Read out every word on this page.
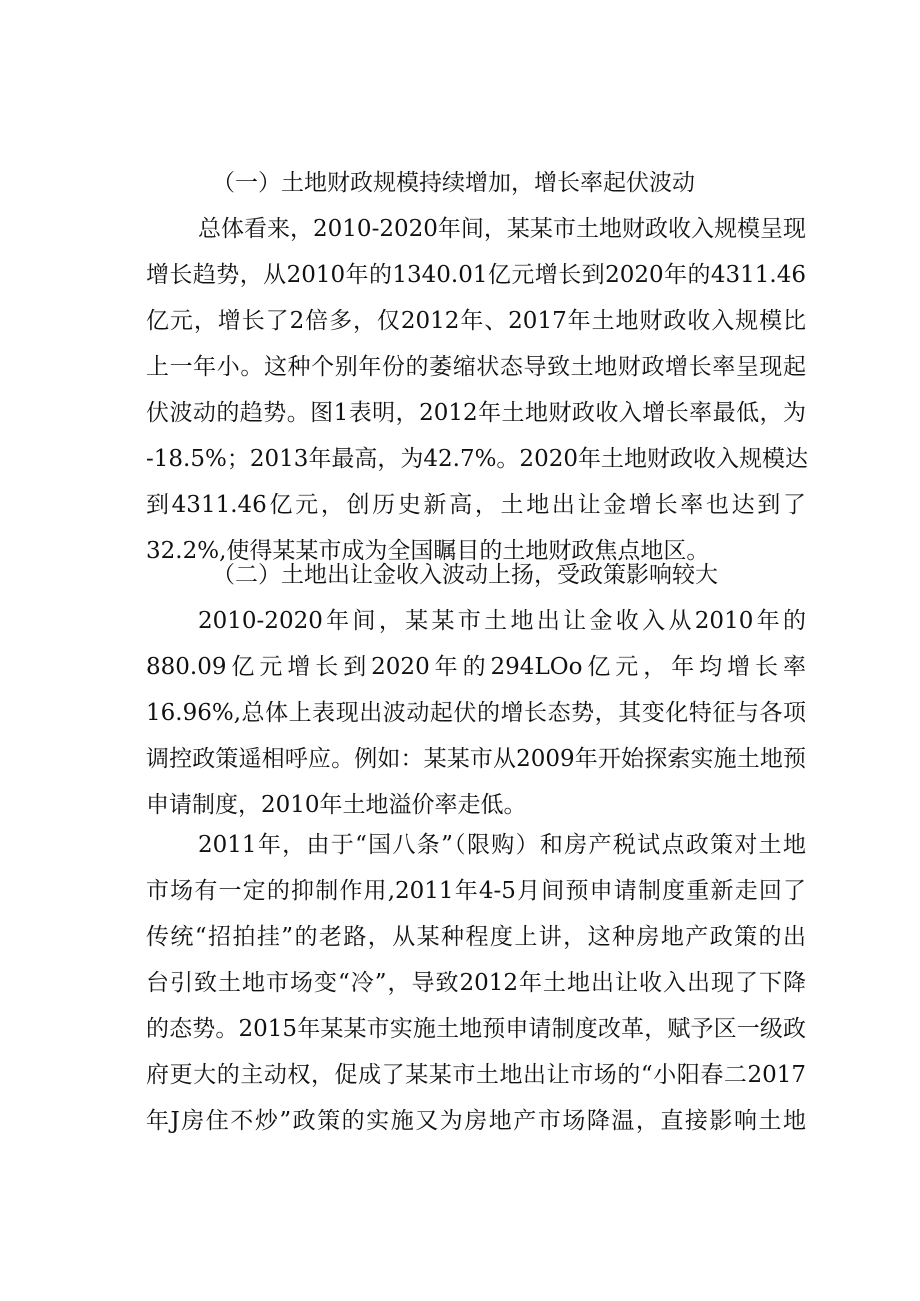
（一）土地财政规模持续增加，增长率起伏波动
总体看来，2010-2020年间，某某市土地财政收入规模呈现
增长趋势，从2010年的1340.01亿元增长到2020年的4311.46
亿元，增长了2倍多，仅2012年、2017年土地财政收入规模比
上一年小。这种个别年份的萎缩状态导致土地财政增长率呈现起
伏波动的趋势。图1表明，2012年土地财政收入增长率最低，为
-18.5%；2013年最高，为42.7%。2020年土地财政收入规模达
到4311.46亿元，创历史新高，土地出让金增长率也达到了
32.2%,使得某某市成为全国瞩目的土地财政焦点地区。
（二）土地出让金收入波动上扬，受政策影响较大
2010-2020年间，某某市土地出让金收入从2010年的
880.09亿元增长到2020年的294LOo亿元，年均增长率
16.96%,总体上表现出波动起伏的增长态势，其变化特征与各项
调控政策遥相呼应。例如：某某市从2009年开始探索实施土地预
申请制度，2010年土地溢价率走低。
2011年，由于“国八条”（限购）和房产税试点政策对土地
市场有一定的抑制作用,2011年4-5月间预申请制度重新走回了
传统“招拍挂”的老路，从某种程度上讲，这种房地产政策的出
台引致土地市场变“冷”，导致2012年土地出让收入出现了下降
的态势。2015年某某市实施土地预申请制度改革，赋予区一级政
府更大的主动权，促成了某某市土地出让市场的“小阳春二2017
年J房住不炒”政策的实施又为房地产市场降温，直接影响土地
